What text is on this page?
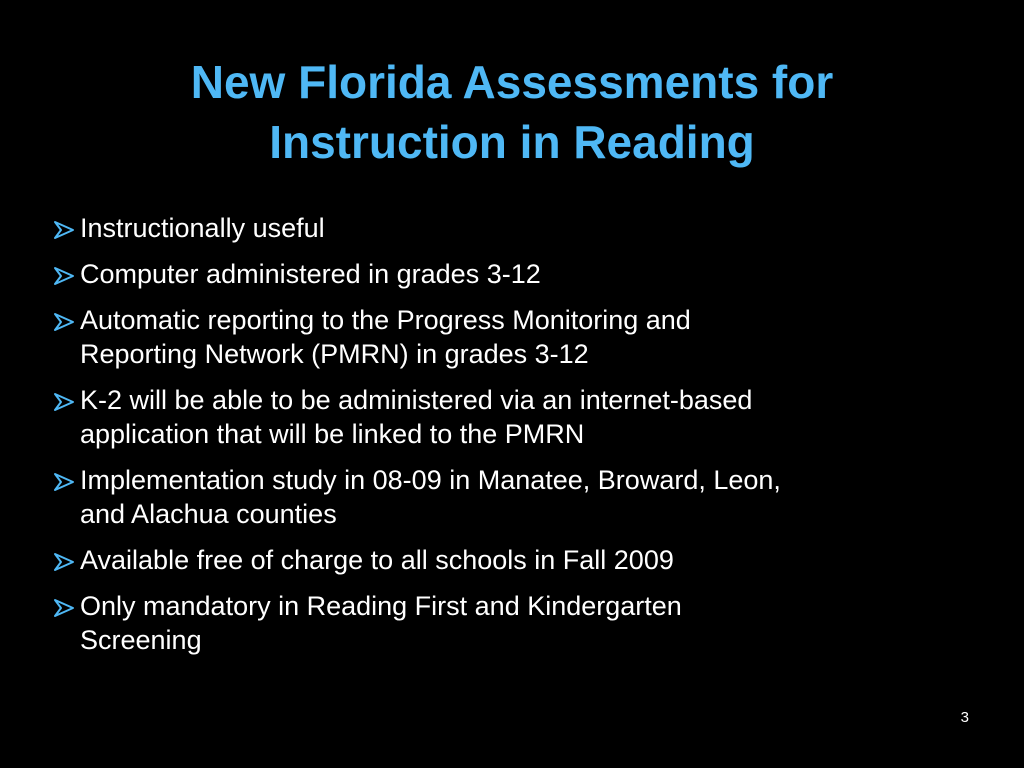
New Florida Assessments for
Instruction in Reading
Instructionally useful
Computer administered in grades 3-12
Automatic reporting to the Progress Monitoring and
Reporting Network (PMRN) in grades 3-12
K-2 will be able to be administered via an internet-based
application that will be linked to the PMRN
Implementation study in 08-09 in Manatee, Broward, Leon,
and Alachua counties
Available free of charge to all schools in Fall 2009
Only mandatory in Reading First and Kindergarten
Screening
3
